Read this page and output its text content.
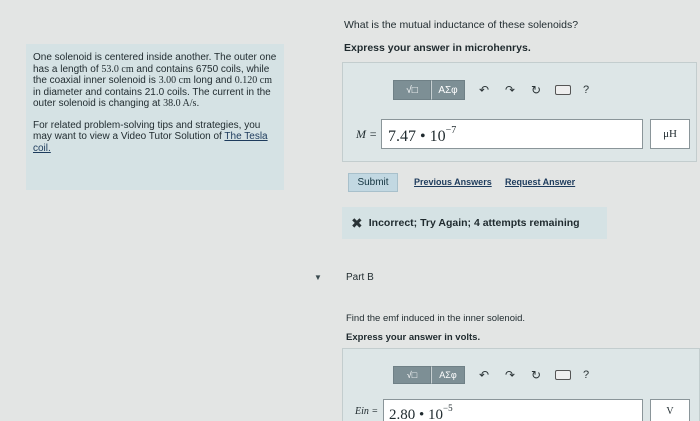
One solenoid is centered inside another. The outer one has a length of 53.0 cm and contains 6750 coils, while the coaxial inner solenoid is 3.00 cm long and 0.120 cm in diameter and contains 21.0 coils. The current in the outer solenoid is changing at 38.0 A/s.

For related problem-solving tips and strategies, you may want to view a Video Tutor Solution of The Tesla coil.

What is the mutual inductance of these solenoids?
Express your answer in microhenrys.
√□	ΑΣφ	↶ ↷ ↻	?
M = 7.47 • $10^{-7}$	μH
Submit	Previous Answers Request Answer
✖ Incorrect; Try Again; 4 attempts remaining
▼ Part B
Find the emf induced in the inner solenoid.
Express your answer in volts.
√□	ΑΣφ	↶ ↷ ↻	?
Ein = 2.80 • $10^{-5}$	V
